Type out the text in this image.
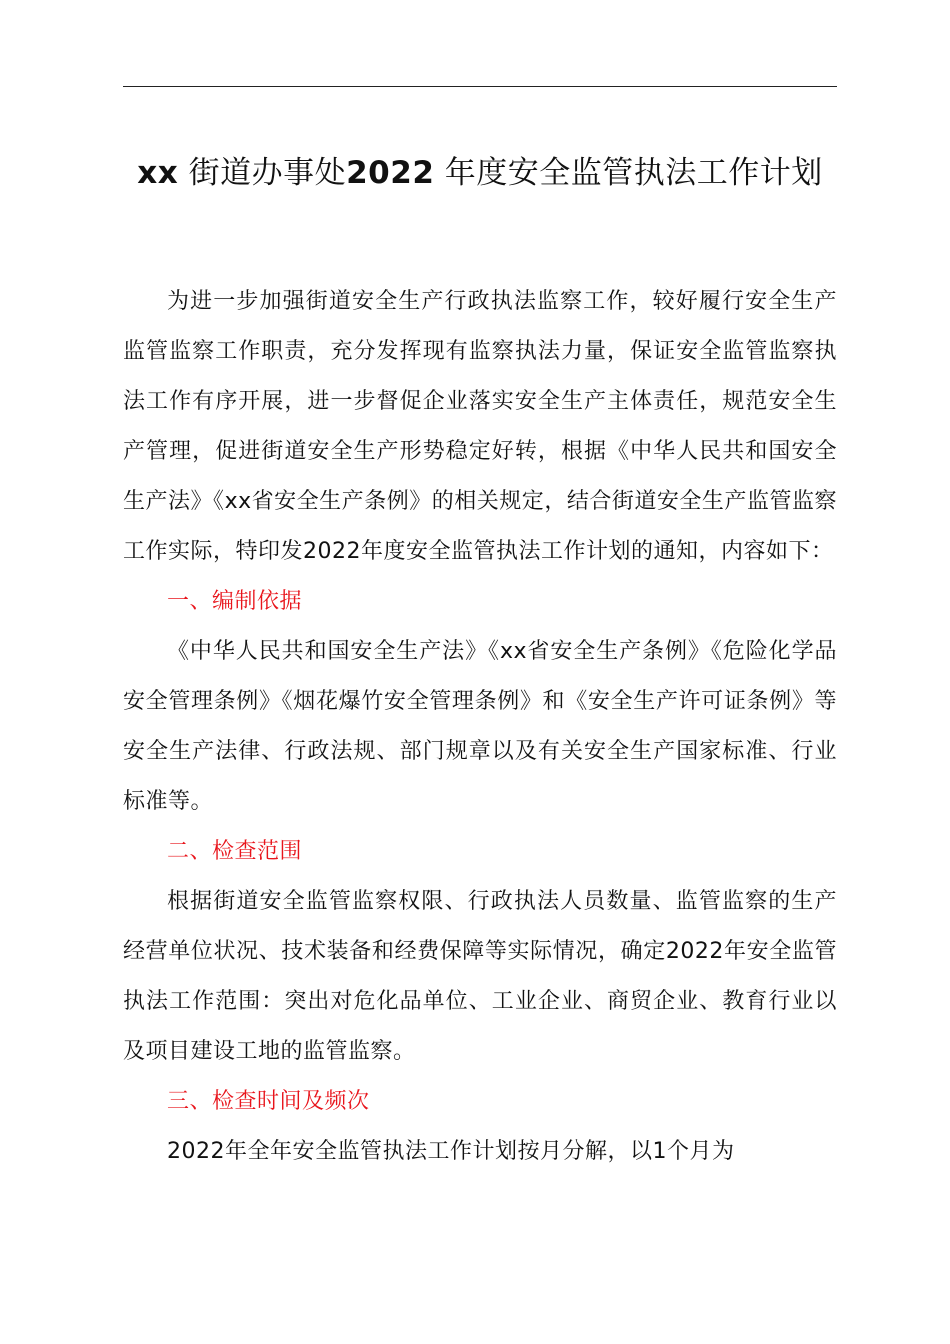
xx 街道办事处2022 年度安全监管执法工作计划

为进一步加强街道安全生产行政执法监察工作，较好履行安全生产监管监察工作职责，充分发挥现有监察执法力量，保证安全监管监察执法工作有序开展，进一步督促企业落实安全生产主体责任，规范安全生产管理，促进街道安全生产形势稳定好转，根据《中华人民共和国安全生产法》《xx省安全生产条例》的相关规定，结合街道安全生产监管监察工作实际，特印发2022年度安全监管执法工作计划的通知，内容如下：

一、编制依据

《中华人民共和国安全生产法》《xx省安全生产条例》《危险化学品安全管理条例》《烟花爆竹安全管理条例》和《安全生产许可证条例》等安全生产法律、行政法规、部门规章以及有关安全生产国家标准、行业标准等。

二、检查范围

根据街道安全监管监察权限、行政执法人员数量、监管监察的生产经营单位状况、技术装备和经费保障等实际情况，确定2022年安全监管执法工作范围：突出对危化品单位、工业企业、商贸企业、教育行业以及项目建设工地的监管监察。

三、检查时间及频次

2022年全年安全监管执法工作计划按月分解，以1个月为
